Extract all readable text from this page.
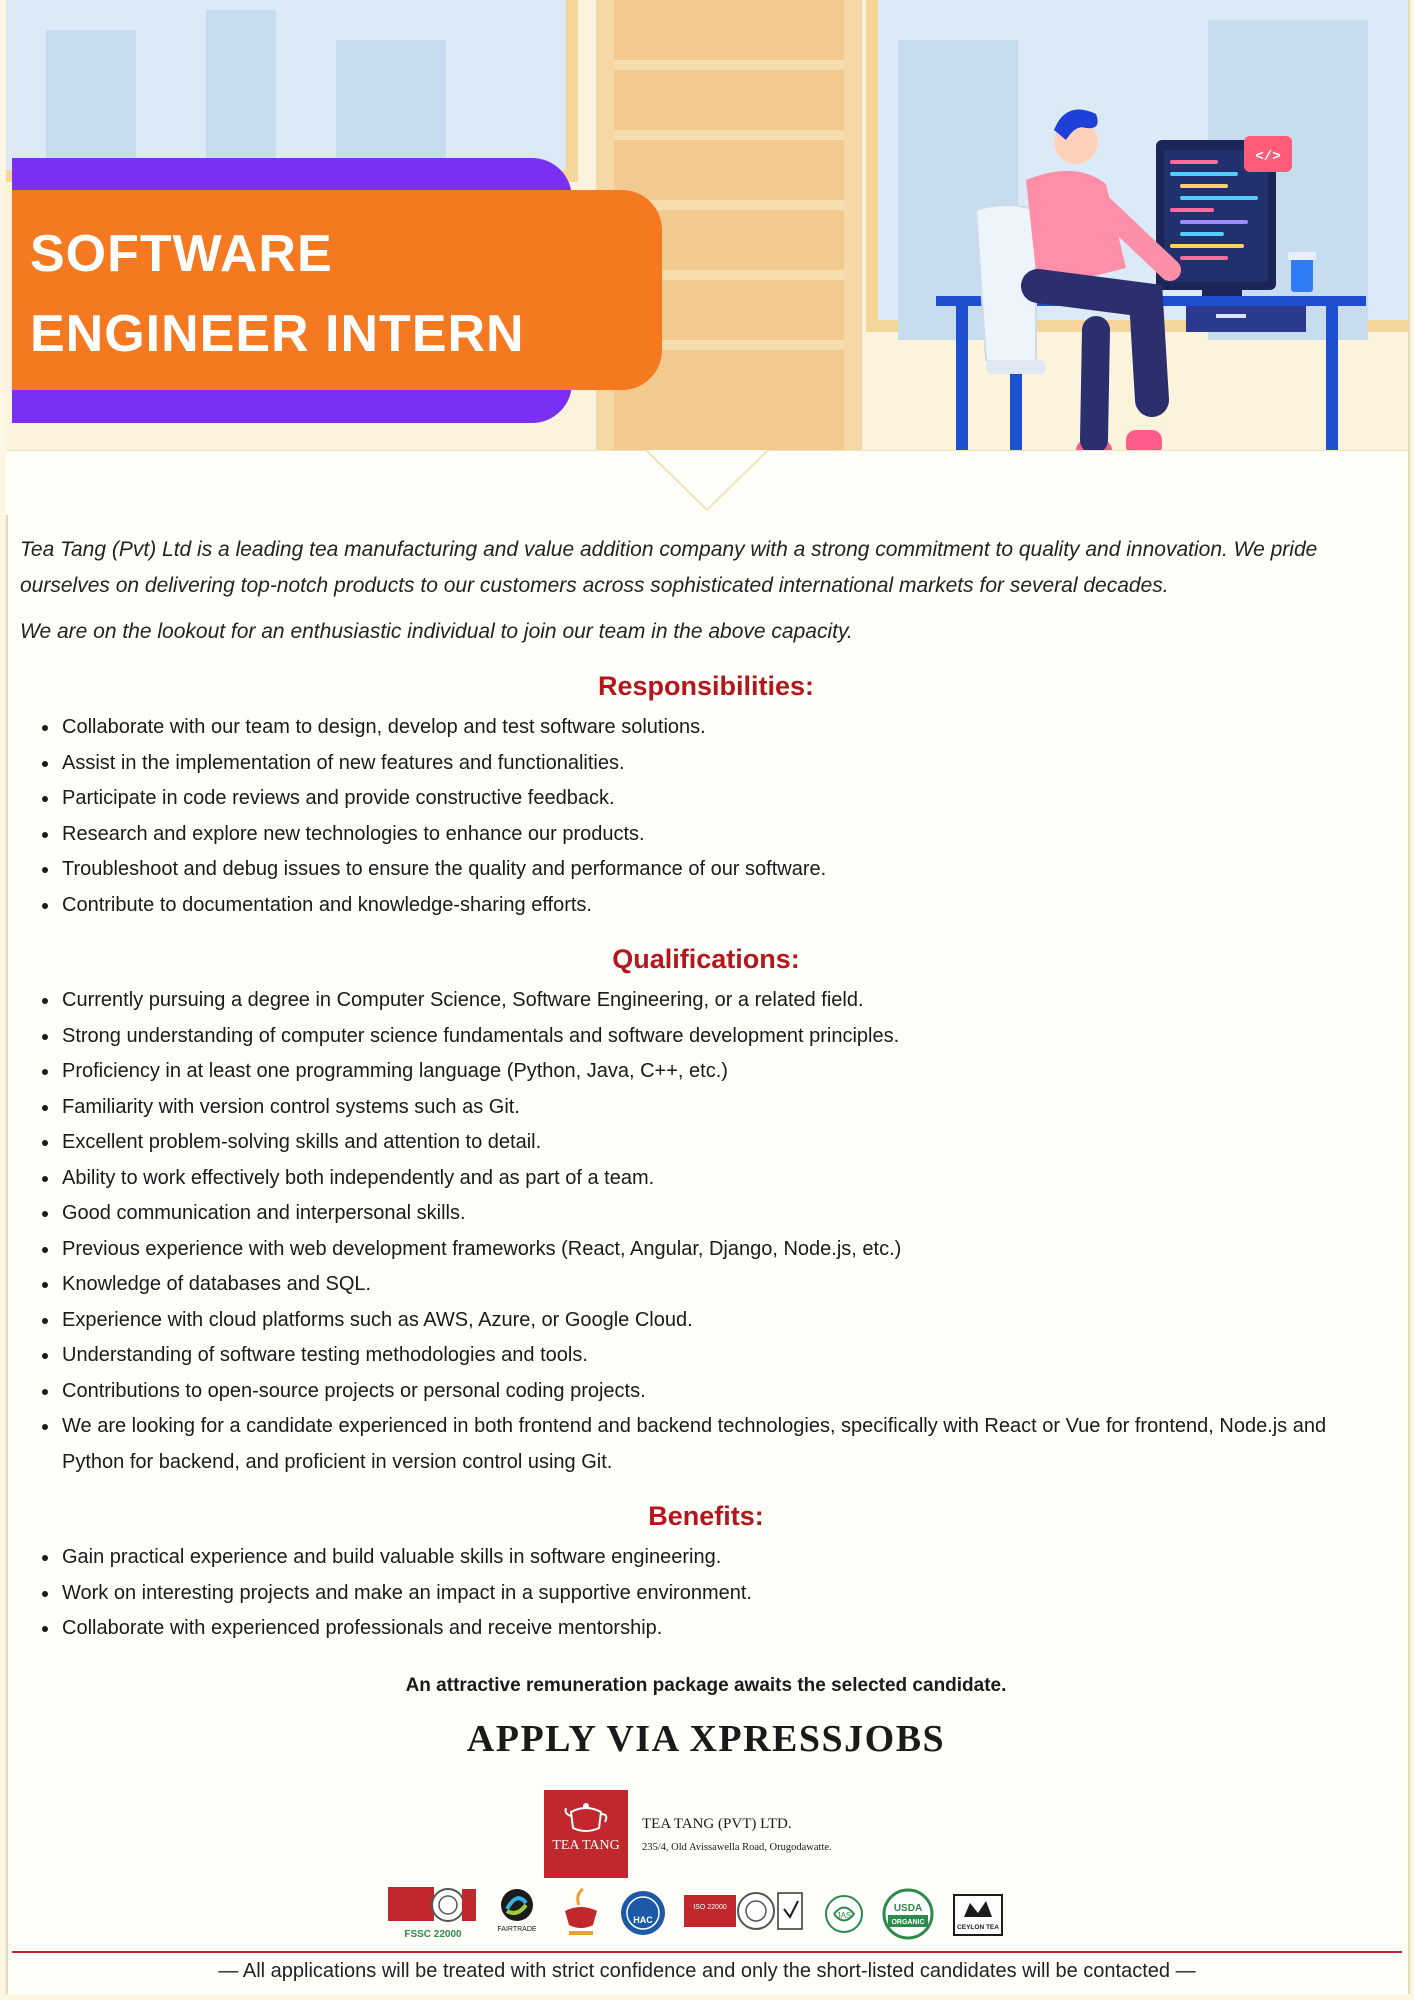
SOFTWARE
ENGINEER INTERN
</>

Tea Tang (Pvt) Ltd is a leading tea manufacturing and value addition company with a strong commitment to quality and innovation. We pride ourselves on delivering top-notch products to our customers across sophisticated international markets for several decades.

We are on the lookout for an enthusiastic individual to join our team in the above capacity.

Responsibilities:
• Collaborate with our team to design, develop and test software solutions.
• Assist in the implementation of new features and functionalities.
• Participate in code reviews and provide constructive feedback.
• Research and explore new technologies to enhance our products.
• Troubleshoot and debug issues to ensure the quality and performance of our software.
• Contribute to documentation and knowledge-sharing efforts.
Qualifications:
• Currently pursuing a degree in Computer Science, Software Engineering, or a related field.
• Strong understanding of computer science fundamentals and software development principles.
• Proficiency in at least one programming language (Python, Java, C++, etc.)
• Familiarity with version control systems such as Git.
• Excellent problem-solving skills and attention to detail.
• Ability to work effectively both independently and as part of a team.
• Good communication and interpersonal skills.
• Previous experience with web development frameworks (React, Angular, Django, Node.js, etc.)
• Knowledge of databases and SQL.
• Experience with cloud platforms such as AWS, Azure, or Google Cloud.
• Understanding of software testing methodologies and tools.
• Contributions to open-source projects or personal coding projects.
• We are looking for a candidate experienced in both frontend and backend technologies, specifically with React or Vue for frontend, Node.js and Python for backend, and proficient in version control using Git.
Benefits:
• Gain practical experience and build valuable skills in software engineering.
• Work on interesting projects and make an impact in a supportive environment.
• Collaborate with experienced professionals and receive mentorship.
An attractive remuneration package awaits the selected candidate.
APPLY VIA XPRESSJOBS
TEA TANG
TEA TANG (PVT) LTD.
235/4, Old Avissawella Road, Orugodawatte.
FSSC 22000	FAIRTRADE
HAC
ISO 22000
JAS
USDA
ORGANIC
CEYLON TEA
— All applications will be treated with strict confidence and only the short-listed candidates will be contacted —
